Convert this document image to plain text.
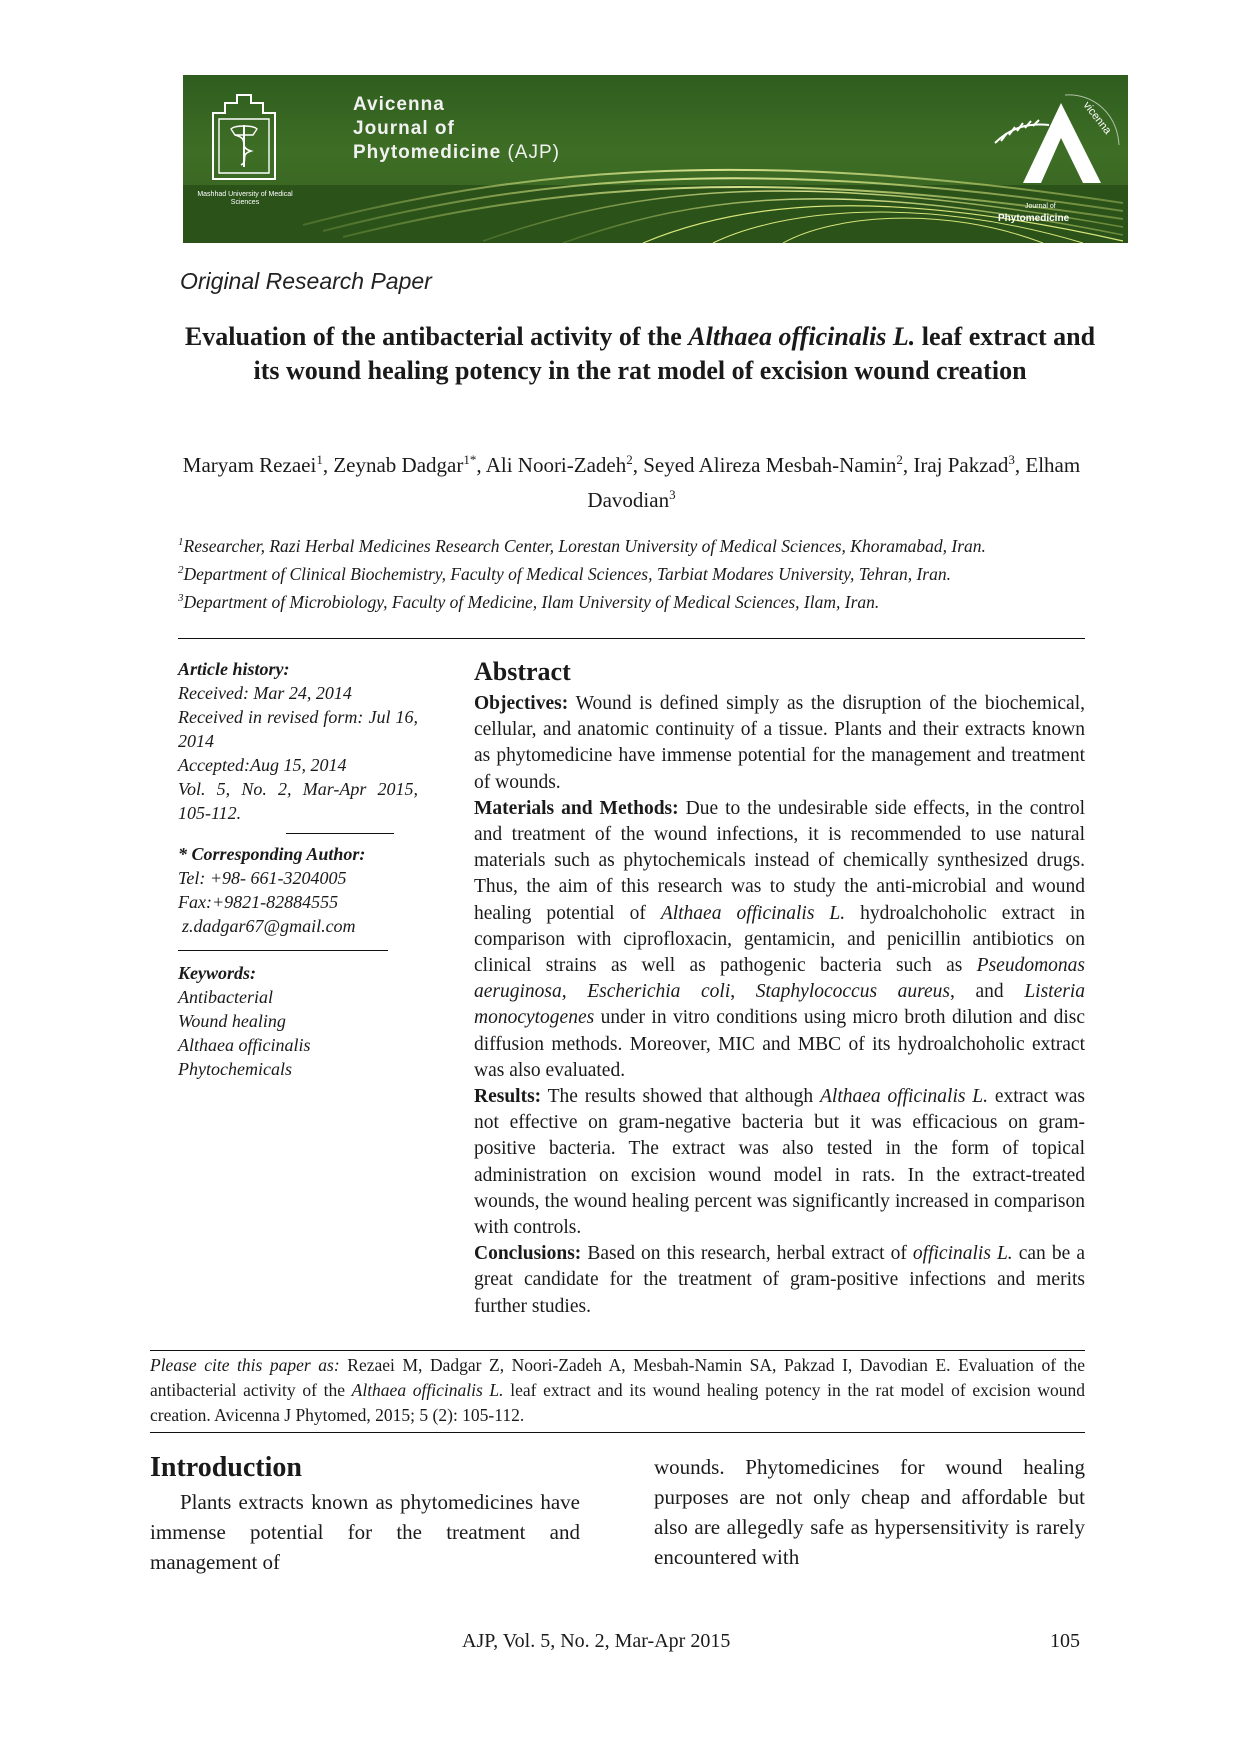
Mashhad University of Medical Sciences
Avicenna
Journal of
Phytomedicine (AJP)
vicenna
Journal of
Phytomedicine
Original Research Paper
Evaluation of the antibacterial activity of the Althaea officinalis L. leaf extract and its wound healing potency in the rat model of excision wound creation
Maryam Rezaei$^1$, Zeynab Dadgar$^{1*}$, Ali Noori-Zadeh$^2$, Seyed Alireza Mesbah-Namin$^2$, Iraj Pakzad$^3$, Elham Davodian$^3$

$^1$Researcher, Razi Herbal Medicines Research Center, Lorestan University of Medical Sciences, Khoramabad, Iran.

$^2$Department of Clinical Biochemistry, Faculty of Medical Sciences, Tarbiat Modares University, Tehran, Iran.

$^3$Department of Microbiology, Faculty of Medicine, Ilam University of Medical Sciences, Ilam, Iran.

Article history:

Received: Mar 24, 2014

Received in revised form: Jul 16, 2014

Accepted:Aug 15, 2014

Vol. 5, No. 2, Mar-Apr 2015, 105-112.

* Corresponding Author:

Tel: +98- 661-3204005

Fax:+9821-82884555

z.dadgar67@gmail.com

Keywords:

Antibacterial

Wound healing

Althaea officinalis

Phytochemicals

Abstract

Objectives: Wound is defined simply as the disruption of the biochemical, cellular, and anatomic continuity of a tissue. Plants and their extracts known as phytomedicine have immense potential for the management and treatment of wounds.

Materials and Methods: Due to the undesirable side effects, in the control and treatment of the wound infections, it is recommended to use natural materials such as phytochemicals instead of chemically synthesized drugs. Thus, the aim of this research was to study the anti-microbial and wound healing potential of Althaea officinalis L. hydroalchoholic extract in comparison with ciprofloxacin, gentamicin, and penicillin antibiotics on clinical strains as well as pathogenic bacteria such as Pseudomonas aeruginosa, Escherichia coli, Staphylococcus aureus, and Listeria monocytogenes under in vitro conditions using micro broth dilution and disc diffusion methods. Moreover, MIC and MBC of its hydroalchoholic extract was also evaluated.

Results: The results showed that although Althaea officinalis L. extract was not effective on gram-negative bacteria but it was efficacious on gram-positive bacteria. The extract was also tested in the form of topical administration on excision wound model in rats. In the extract-treated wounds, the wound healing percent was significantly increased in comparison with controls.

Conclusions: Based on this research, herbal extract of officinalis L. can be a great candidate for the treatment of gram-positive infections and merits further studies.

Please cite this paper as: Rezaei M, Dadgar Z, Noori-Zadeh A, Mesbah-Namin SA, Pakzad I, Davodian E. Evaluation of the antibacterial activity of the Althaea officinalis L. leaf extract and its wound healing potency in the rat model of excision wound creation. Avicenna J Phytomed, 2015; 5 (2): 105-112.
Introduction

Plants extracts known as phytomedicines have immense potential for the treatment and management of

wounds. Phytomedicines for wound healing purposes are not only cheap and affordable but also are allegedly safe as hypersensitivity is rarely encountered with

AJP, Vol. 5, No. 2, Mar-Apr 2015	105
